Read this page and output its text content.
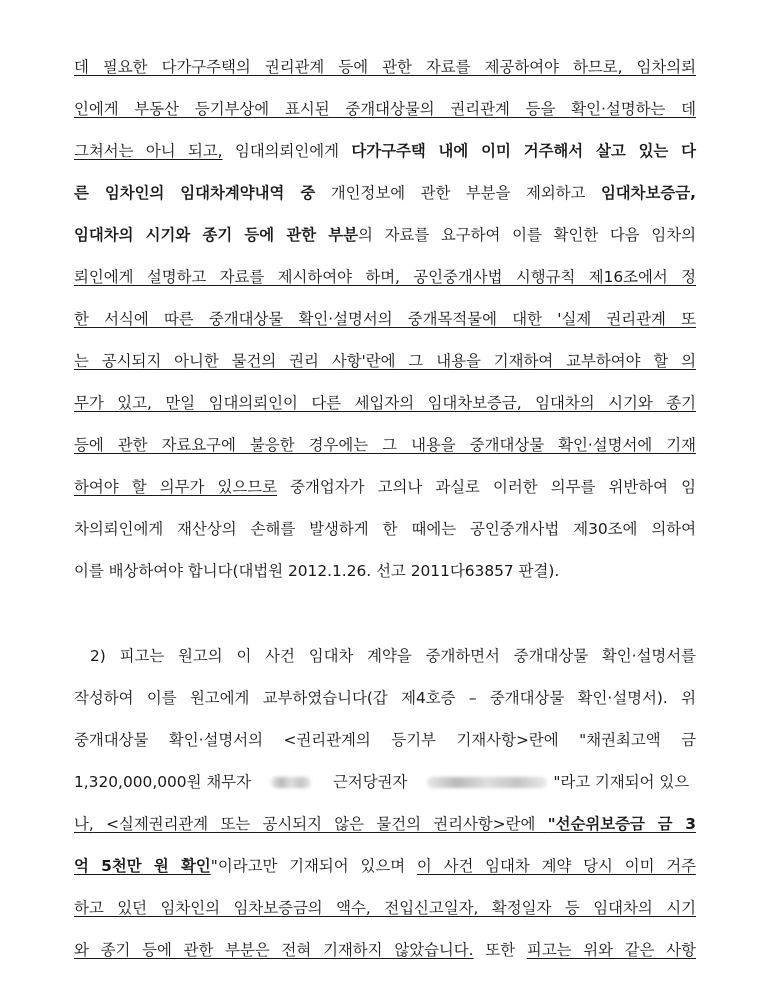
데 필요한 다가구주택의 권리관계 등에 관한 자료를 제공하여야 하므로, 임차의뢰
인에게 부동산 등기부상에 표시된 중개대상물의 권리관계 등을 확인·설명하는 데
그쳐서는 아니 되고, 임대의뢰인에게 다가구주택 내에 이미 거주해서 살고 있는 다
른 임차인의 임대차계약내역 중 개인정보에 관한 부분을 제외하고 임대차보증금,
임대차의 시기와 종기 등에 관한 부분의 자료를 요구하여 이를 확인한 다음 임차의
뢰인에게 설명하고 자료를 제시하여야 하며, 공인중개사법 시행규칙 제16조에서 정
한 서식에 따른 중개대상물 확인·설명서의 중개목적물에 대한 '실제 권리관계 또
는 공시되지 아니한 물건의 권리 사항'란에 그 내용을 기재하여 교부하여야 할 의
무가 있고, 만일 임대의뢰인이 다른 세입자의 임대차보증금, 임대차의 시기와 종기
등에 관한 자료요구에 불응한 경우에는 그 내용을 중개대상물 확인·설명서에 기재
하여야 할 의무가 있으므로 중개업자가 고의나 과실로 이러한 의무를 위반하여 임
차의뢰인에게 재산상의 손해를 발생하게 한 때에는 공인중개사법 제30조에 의하여
이를 배상하여야 합니다(대법원 2012.1.26. 선고 2011다63857 판결).
2) 피고는 원고의 이 사건 임대차 계약을 중개하면서 중개대상물 확인·설명서를
작성하여 이를 원고에게 교부하였습니다(갑 제4호증 – 중개대상물 확인·설명서). 위
중개대상물 확인·설명서의 <권리관계의 등기부 기재사항>란에 "채권최고액 금
1,320,000,000원 채무자	근저당권자	"라고 기재되어 있으
나, <실제권리관계 또는 공시되지 않은 물건의 권리사항>란에 "선순위보증금 금 3
억 5천만 원 확인"이라고만 기재되어 있으며 이 사건 임대차 계약 당시 이미 거주
하고 있던 임차인의 임차보증금의 액수, 전입신고일자, 확정일자 등 임대차의 시기
와 종기 등에 관한 부분은 전혀 기재하지 않았습니다. 또한 피고는 위와 같은 사항
